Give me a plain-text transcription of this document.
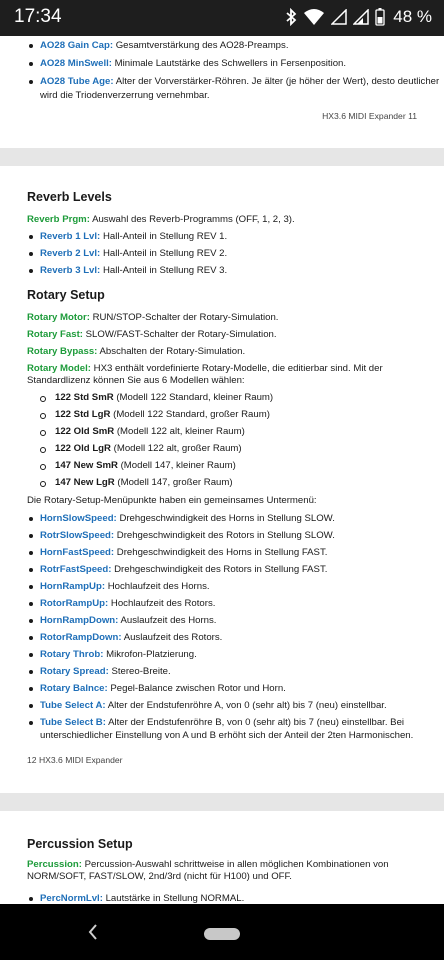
17:34	48 %
AO28 Gain Cap: Gesamtverstärkung des AO28-Preamps.
AO28 MinSwell: Minimale Lautstärke des Schwellers in Fersenposition.
AO28 Tube Age: Alter der Vorverstärker-Röhren. Je älter (je höher der Wert), desto deutlicher
wird die Triodenverzerrung vernehmbar.
HX3.6 MIDI Expander 11
Reverb Levels
Reverb Prgm: Auswahl des Reverb-Programms (OFF, 1, 2, 3).
Reverb 1 Lvl: Hall-Anteil in Stellung REV 1.
Reverb 2 Lvl: Hall-Anteil in Stellung REV 2.
Reverb 3 Lvl: Hall-Anteil in Stellung REV 3.
Rotary Setup
Rotary Motor: RUN/STOP-Schalter der Rotary-Simulation.
Rotary Fast: SLOW/FAST-Schalter der Rotary-Simulation.
Rotary Bypass: Abschalten der Rotary-Simulation.
Rotary Model: HX3 enthält vordefinierte Rotary-Modelle, die editierbar sind. Mit der
Standardlizenz können Sie aus 6 Modellen wählen:
122 Std SmR (Modell 122 Standard, kleiner Raum)
122 Std LgR (Modell 122 Standard, großer Raum)
122 Old SmR (Modell 122 alt, kleiner Raum)
122 Old LgR (Modell 122 alt, großer Raum)
147 New SmR (Modell 147, kleiner Raum)
147 New LgR (Modell 147, großer Raum)
Die Rotary-Setup-Menüpunkte haben ein gemeinsames Untermenü:
HornSlowSpeed: Drehgeschwindigkeit des Horns in Stellung SLOW.
RotrSlowSpeed: Drehgeschwindigkeit des Rotors in Stellung SLOW.
HornFastSpeed: Drehgeschwindigkeit des Horns in Stellung FAST.
RotrFastSpeed: Drehgeschwindigkeit des Rotors in Stellung FAST.
HornRampUp: Hochlaufzeit des Horns.
RotorRampUp: Hochlaufzeit des Rotors.
HornRampDown: Auslaufzeit des Horns.
RotorRampDown: Auslaufzeit des Rotors.
Rotary Throb: Mikrofon-Platzierung.
Rotary Spread: Stereo-Breite.
Rotary Balnce: Pegel-Balance zwischen Rotor und Horn.
Tube Select A: Alter der Endstufenröhre A, von 0 (sehr alt) bis 7 (neu) einstellbar.
Tube Select B: Alter der Endstufenröhre B, von 0 (sehr alt) bis 7 (neu) einstellbar. Bei
unterschiedlicher Einstellung von A und B erhöht sich der Anteil der 2ten Harmonischen.
12 HX3.6 MIDI Expander
Percussion Setup
Percussion: Percussion-Auswahl schrittweise in allen möglichen Kombinationen von
NORM/SOFT, FAST/SLOW, 2nd/3rd (nicht für H100) und OFF.
PercNormLvl: Lautstärke in Stellung NORMAL.
